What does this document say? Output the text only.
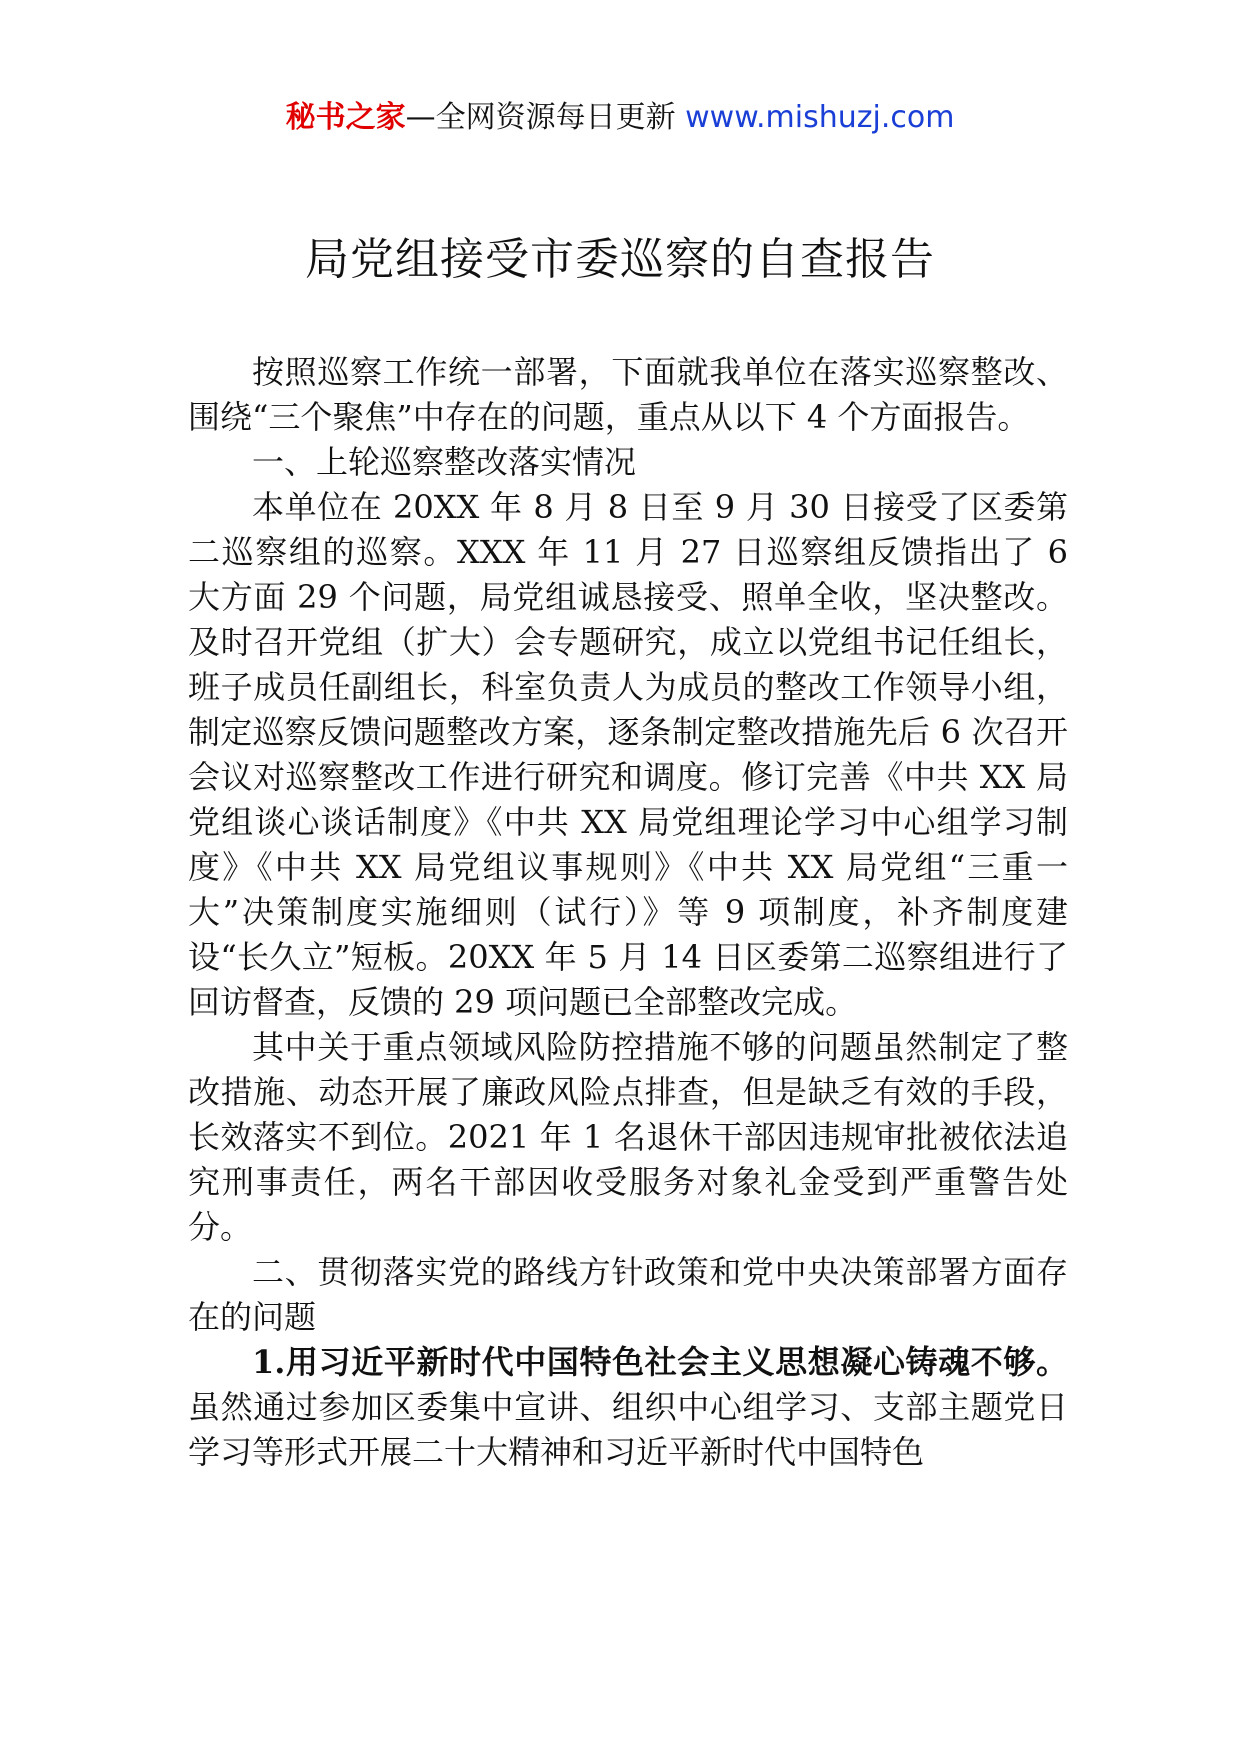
秘书之家—全网资源每日更新 www.mishuzj.com
局党组接受市委巡察的自查报告

按照巡察工作统一部署，下面就我单位在落实巡察整改、围绕“三个聚焦”中存在的问题，重点从以下 4 个方面报告。

一、上轮巡察整改落实情况

本单位在 20XX 年 8 月 8 日至 9 月 30 日接受了区委第二巡察组的巡察。XXX 年 11 月 27 日巡察组反馈指出了 6 大方面 29 个问题，局党组诚恳接受、照单全收，坚决整改。及时召开党组（扩大）会专题研究，成立以党组书记任组长，班子成员任副组长，科室负责人为成员的整改工作领导小组，制定巡察反馈问题整改方案，逐条制定整改措施先后 6 次召开会议对巡察整改工作进行研究和调度。修订完善《中共 XX 局党组谈心谈话制度》《中共 XX 局党组理论学习中心组学习制度》《中共 XX 局党组议事规则》《中共 XX 局党组“三重一大”决策制度实施细则（试行）》等 9 项制度，补齐制度建设“长久立”短板。20XX 年 5 月 14 日区委第二巡察组进行了回访督查，反馈的 29 项问题已全部整改完成。

其中关于重点领域风险防控措施不够的问题虽然制定了整改措施、动态开展了廉政风险点排查，但是缺乏有效的手段，长效落实不到位。2021 年 1 名退休干部因违规审批被依法追究刑事责任，两名干部因收受服务对象礼金受到严重警告处分。

二、贯彻落实党的路线方针政策和党中央决策部署方面存在的问题

1.用习近平新时代中国特色社会主义思想凝心铸魂不够。虽然通过参加区委集中宣讲、组织中心组学习、支部主题党日学习等形式开展二十大精神和习近平新时代中国特色
